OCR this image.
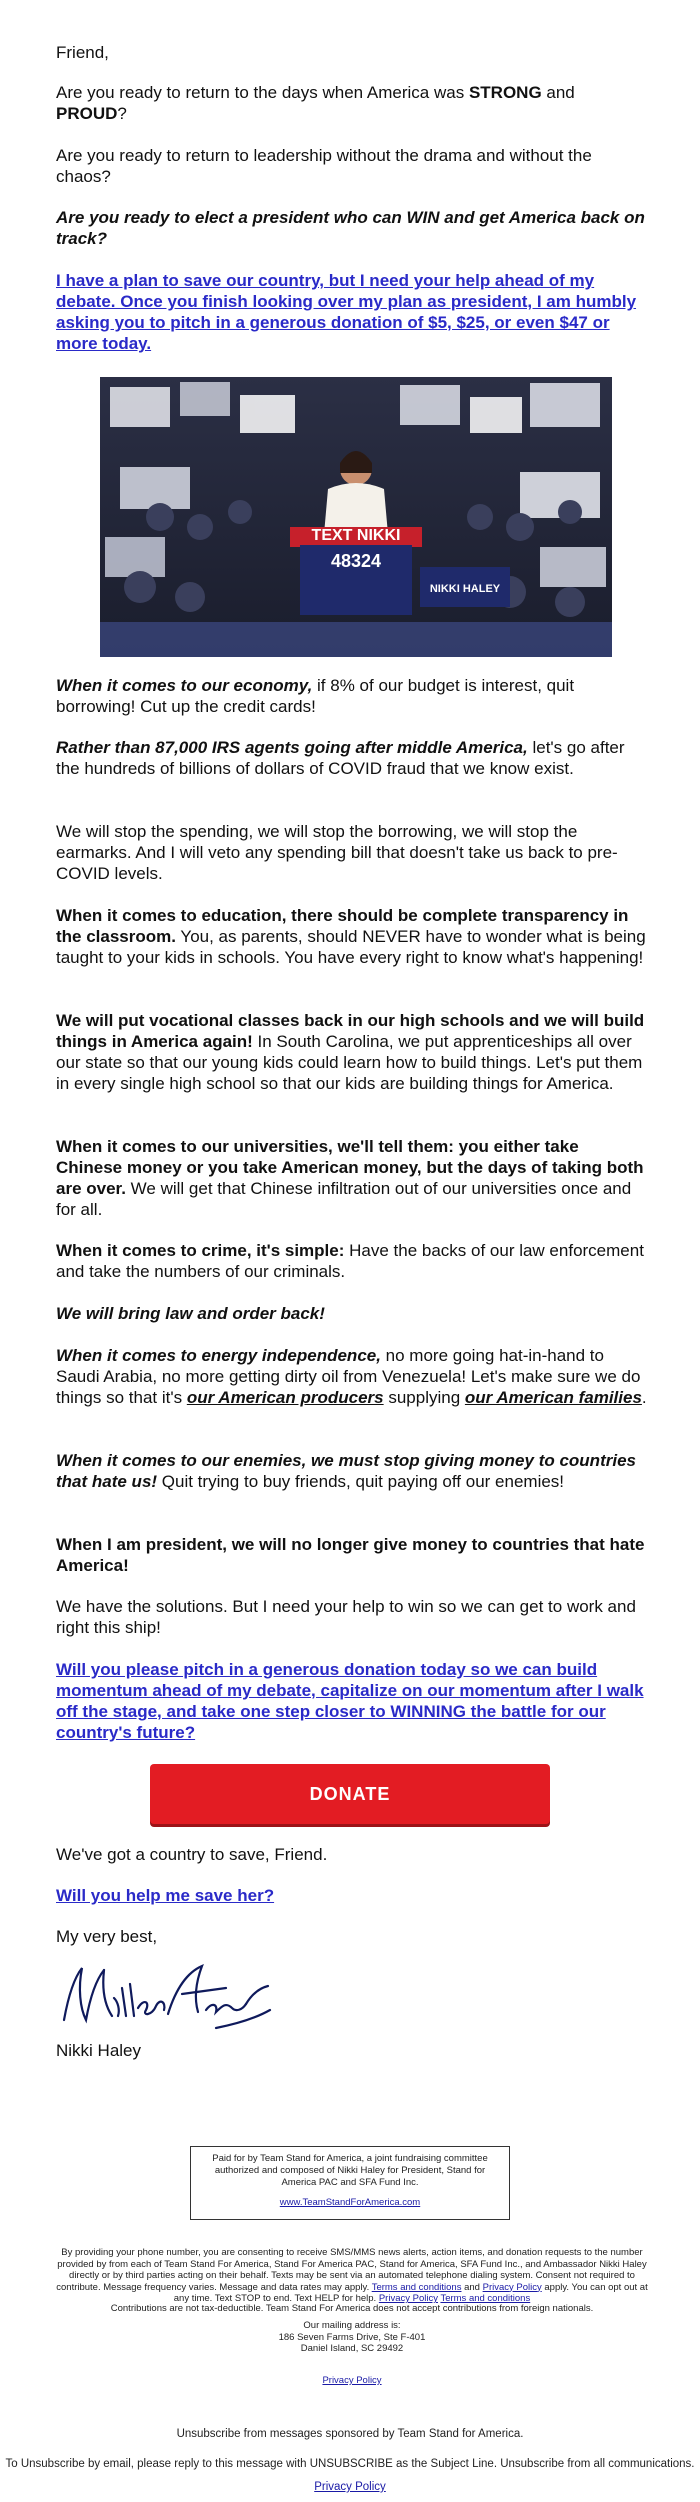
Friend,

Are you ready to return to the days when America was STRONG and PROUD?

Are you ready to return to leadership without the drama and without the chaos?

Are you ready to elect a president who can WIN and get America back on track?

I have a plan to save our country, but I need your help ahead of my debate. Once you finish looking over my plan as president, I am humbly asking you to pitch in a generous donation of $5, $25, or even $47 or more today.

TEXT NIKKI
48324
NIKKI HALEY

When it comes to our economy, if 8% of our budget is interest, quit borrowing! Cut up the credit cards!

Rather than 87,000 IRS agents going after middle America, let's go after the hundreds of billions of dollars of COVID fraud that we know exist.

We will stop the spending, we will stop the borrowing, we will stop the earmarks. And I will veto any spending bill that doesn't take us back to pre-COVID levels.

When it comes to education, there should be complete transparency in the classroom. You, as parents, should NEVER have to wonder what is being taught to your kids in schools. You have every right to know what's happening!

We will put vocational classes back in our high schools and we will build things in America again! In South Carolina, we put apprenticeships all over our state so that our young kids could learn how to build things. Let's put them in every single high school so that our kids are building things for America.

When it comes to our universities, we'll tell them: you either take Chinese money or you take American money, but the days of taking both are over. We will get that Chinese infiltration out of our universities once and for all.

When it comes to crime, it's simple: Have the backs of our law enforcement and take the numbers of our criminals.

We will bring law and order back!

When it comes to energy independence, no more going hat-in-hand to Saudi Arabia, no more getting dirty oil from Venezuela! Let's make sure we do things so that it's our American producers supplying our American families.

When it comes to our enemies, we must stop giving money to countries that hate us! Quit trying to buy friends, quit paying off our enemies!

When I am president, we will no longer give money to countries that hate America!

We have the solutions. But I need your help to win so we can get to work and right this ship!

Will you please pitch in a generous donation today so we can build momentum ahead of my debate, capitalize on our momentum after I walk off the stage, and take one step closer to WINNING the battle for our country's future?

DONATE

We've got a country to save, Friend.

Will you help me save her?

My very best,

Nikki Haley

Paid for by Team Stand for America, a joint fundraising committee authorized and composed of Nikki Haley for President, Stand for America PAC and SFA Fund Inc.
www.TeamStandForAmerica.com
By providing your phone number, you are consenting to receive SMS/MMS news alerts, action items, and donation requests to the number provided by from each of Team Stand For America, Stand For America PAC, Stand for America, SFA Fund Inc., and Ambassador Nikki Haley directly or by third parties acting on their behalf. Texts may be sent via an automated telephone dialing system. Consent not required to contribute. Message frequency varies. Message and data rates may apply. Terms and conditions and Privacy Policy apply. You can opt out at any time. Text STOP to end. Text HELP for help. Privacy Policy Terms and conditions
Contributions are not tax-deductible. Team Stand For America does not accept contributions from foreign nationals.
Our mailing address is:
186 Seven Farms Drive, Ste F-401
Daniel Island, SC 29492
Privacy Policy
Unsubscribe from messages sponsored by Team Stand for America.
To Unsubscribe by email, please reply to this message with UNSUBSCRIBE as the Subject Line. Unsubscribe from all communications.
Privacy Policy
